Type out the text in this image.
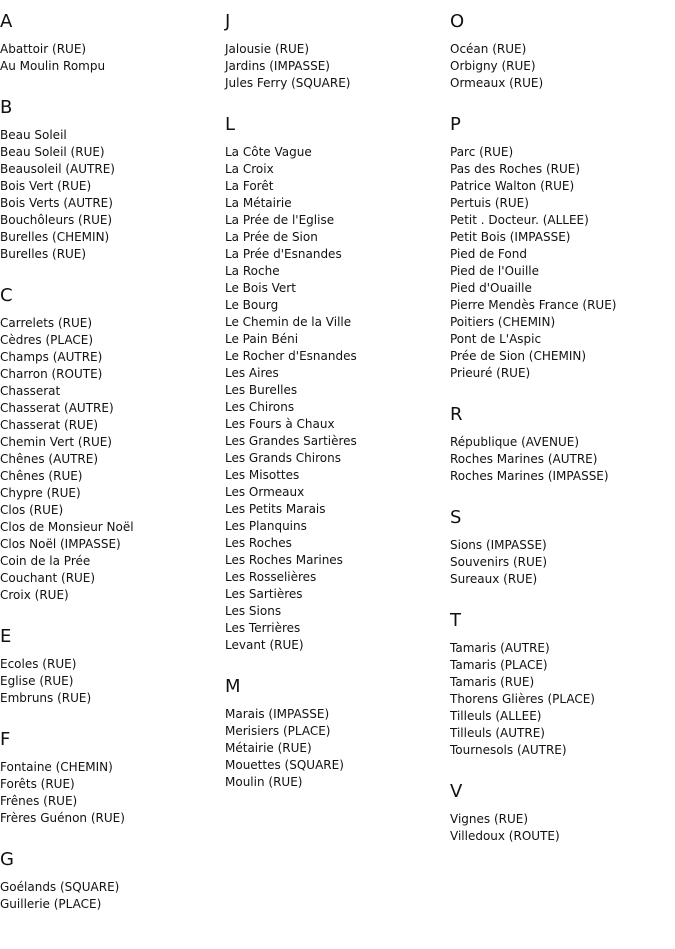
A
Abattoir (RUE)
Au Moulin Rompu
B
Beau Soleil
Beau Soleil (RUE)
Beausoleil (AUTRE)
Bois Vert (RUE)
Bois Verts (AUTRE)
Bouchôleurs (RUE)
Burelles (CHEMIN)
Burelles (RUE)
C
Carrelets (RUE)
Cèdres (PLACE)
Champs (AUTRE)
Charron (ROUTE)
Chasserat
Chasserat (AUTRE)
Chasserat (RUE)
Chemin Vert (RUE)
Chênes (AUTRE)
Chênes (RUE)
Chypre (RUE)
Clos (RUE)
Clos de Monsieur Noël
Clos Noël (IMPASSE)
Coin de la Prée
Couchant (RUE)
Croix (RUE)
E
Ecoles (RUE)
Eglise (RUE)
Embruns (RUE)
F
Fontaine (CHEMIN)
Forêts (RUE)
Frênes (RUE)
Frères Guénon (RUE)
G
Goélands (SQUARE)
Guillerie (PLACE)
J
Jalousie (RUE)
Jardins (IMPASSE)
Jules Ferry (SQUARE)
L
La Côte Vague
La Croix
La Forêt
La Métairie
La Prée de l'Eglise
La Prée de Sion
La Prée d'Esnandes
La Roche
Le Bois Vert
Le Bourg
Le Chemin de la Ville
Le Pain Béni
Le Rocher d'Esnandes
Les Aires
Les Burelles
Les Chirons
Les Fours à Chaux
Les Grandes Sartières
Les Grands Chirons
Les Misottes
Les Ormeaux
Les Petits Marais
Les Planquins
Les Roches
Les Roches Marines
Les Rosselières
Les Sartières
Les Sions
Les Terrières
Levant (RUE)
M
Marais (IMPASSE)
Merisiers (PLACE)
Métairie (RUE)
Mouettes (SQUARE)
Moulin (RUE)
O
Océan (RUE)
Orbigny (RUE)
Ormeaux (RUE)
P
Parc (RUE)
Pas des Roches (RUE)
Patrice Walton (RUE)
Pertuis (RUE)
Petit . Docteur. (ALLEE)
Petit Bois (IMPASSE)
Pied de Fond
Pied de l'Ouille
Pied d'Ouaille
Pierre Mendès France (RUE)
Poitiers (CHEMIN)
Pont de L'Aspic
Prée de Sion (CHEMIN)
Prieuré (RUE)
R
République (AVENUE)
Roches Marines (AUTRE)
Roches Marines (IMPASSE)
S
Sions (IMPASSE)
Souvenirs (RUE)
Sureaux (RUE)
T
Tamaris (AUTRE)
Tamaris (PLACE)
Tamaris (RUE)
Thorens Glières (PLACE)
Tilleuls (ALLEE)
Tilleuls (AUTRE)
Tournesols (AUTRE)
V
Vignes (RUE)
Villedoux (ROUTE)
